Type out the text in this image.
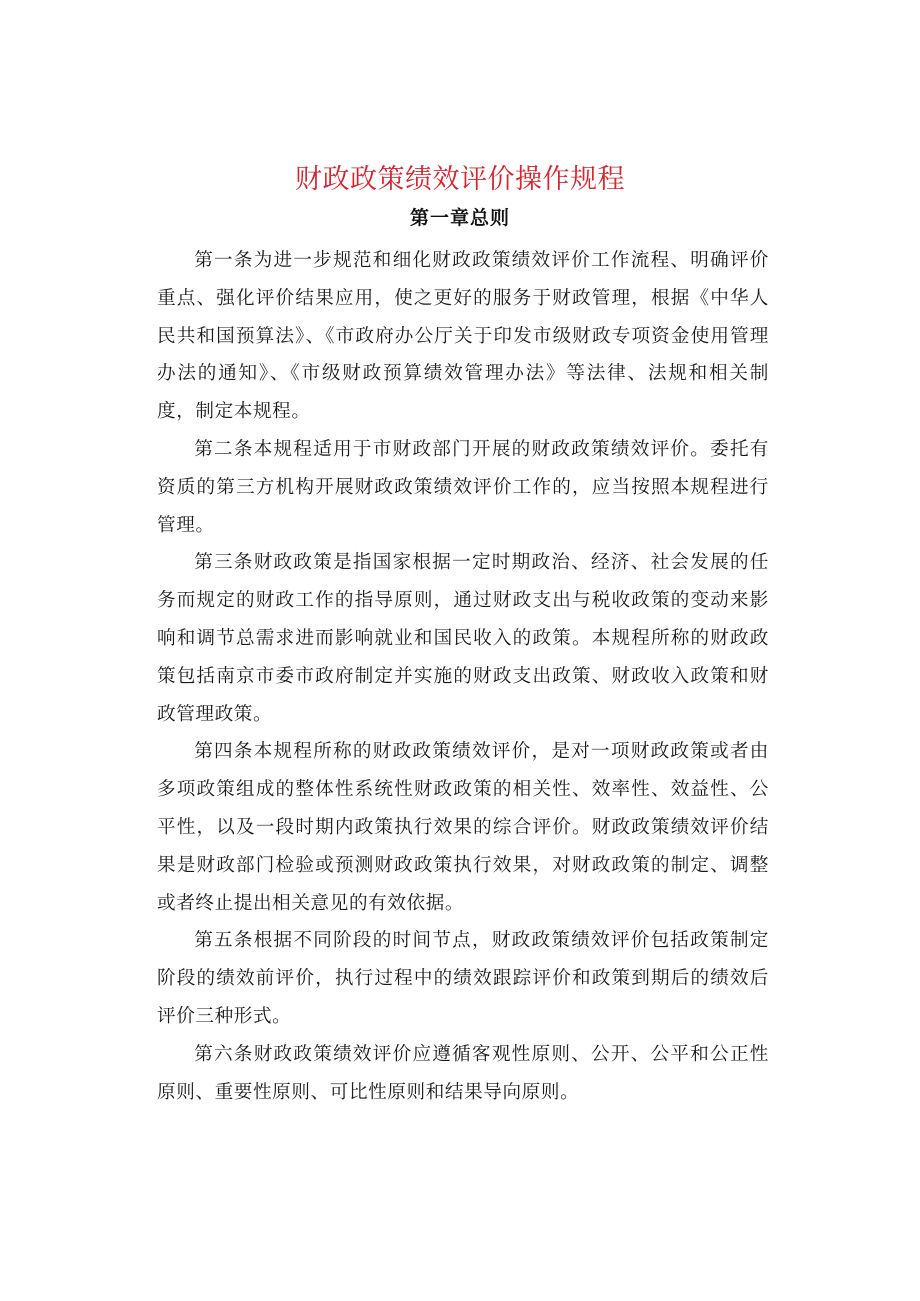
财政政策绩效评价操作规程
第一章总则

第一条为进一步规范和细化财政政策绩效评价工作流程、明确评价重点、强化评价结果应用，使之更好的服务于财政管理，根据《中华人民共和国预算法》、《市政府办公厅关于印发市级财政专项资金使用管理办法的通知》、《市级财政预算绩效管理办法》等法律、法规和相关制度，制定本规程。

第二条本规程适用于市财政部门开展的财政政策绩效评价。委托有资质的第三方机构开展财政政策绩效评价工作的，应当按照本规程进行管理。

第三条财政政策是指国家根据一定时期政治、经济、社会发展的任务而规定的财政工作的指导原则，通过财政支出与税收政策的变动来影响和调节总需求进而影响就业和国民收入的政策。本规程所称的财政政策包括南京市委市政府制定并实施的财政支出政策、财政收入政策和财政管理政策。

第四条本规程所称的财政政策绩效评价，是对一项财政政策或者由多项政策组成的整体性系统性财政政策的相关性、效率性、效益性、公平性，以及一段时期内政策执行效果的综合评价。财政政策绩效评价结果是财政部门检验或预测财政政策执行效果，对财政政策的制定、调整或者终止提出相关意见的有效依据。

第五条根据不同阶段的时间节点，财政政策绩效评价包括政策制定阶段的绩效前评价，执行过程中的绩效跟踪评价和政策到期后的绩效后评价三种形式。

第六条财政政策绩效评价应遵循客观性原则、公开、公平和公正性原则、重要性原则、可比性原则和结果导向原则。
